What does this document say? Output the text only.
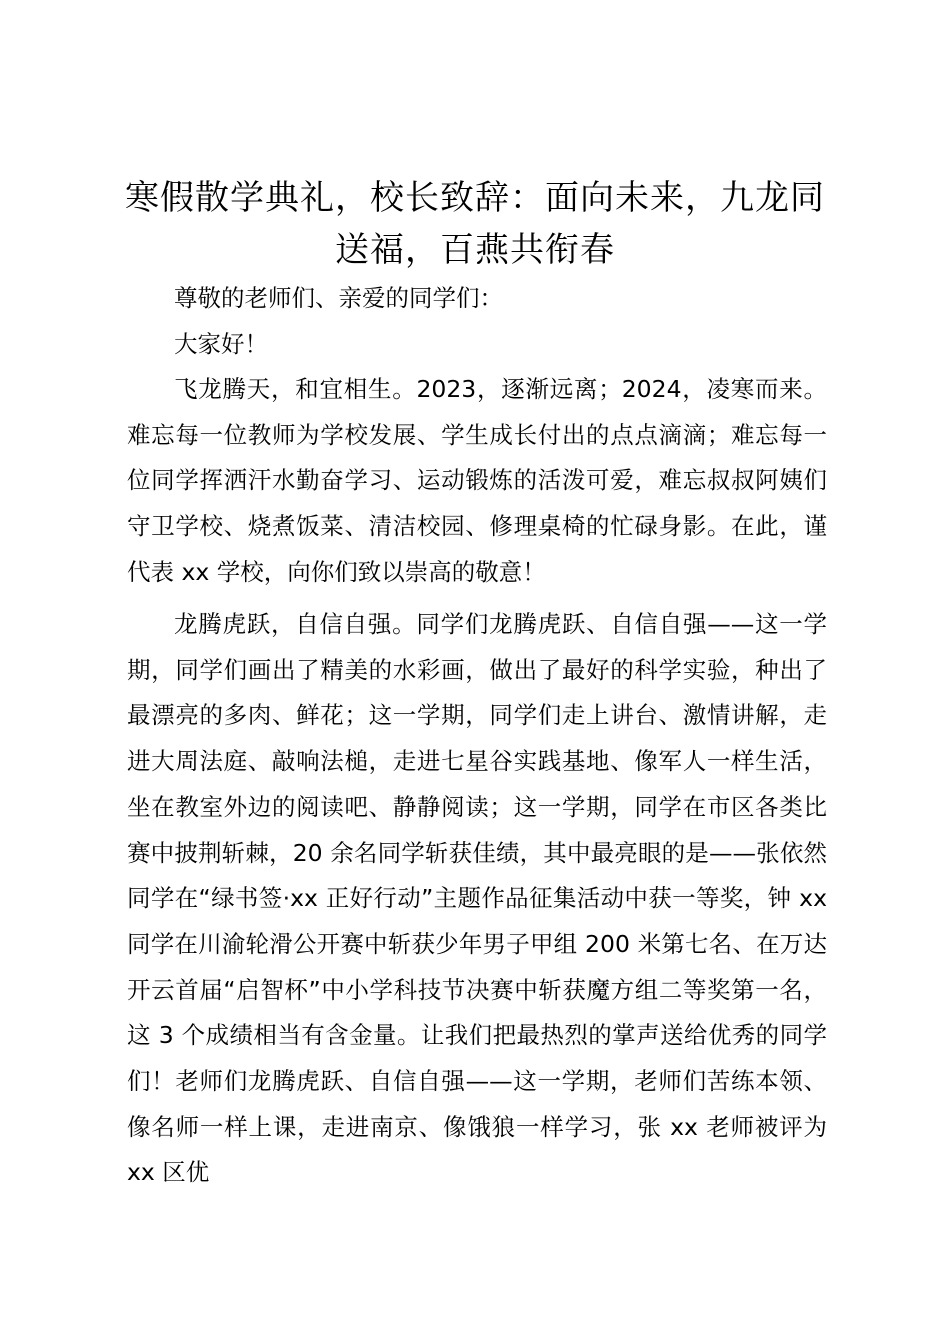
寒假散学典礼，校长致辞：面向未来，九龙同送福，百燕共衔春

尊敬的老师们、亲爱的同学们：

大家好！

飞龙腾天，和宜相生。2023，逐渐远离；2024，凌寒而来。难忘每一位教师为学校发展、学生成长付出的点点滴滴；难忘每一位同学挥洒汗水勤奋学习、运动锻炼的活泼可爱，难忘叔叔阿姨们守卫学校、烧煮饭菜、清洁校园、修理桌椅的忙碌身影。在此，谨代表 xx 学校，向你们致以崇高的敬意！

龙腾虎跃，自信自强。同学们龙腾虎跃、自信自强——这一学期，同学们画出了精美的水彩画，做出了最好的科学实验，种出了最漂亮的多肉、鲜花；这一学期，同学们走上讲台、激情讲解，走进大周法庭、敲响法槌，走进七星谷实践基地、像军人一样生活，坐在教室外边的阅读吧、静静阅读；这一学期，同学在市区各类比赛中披荆斩棘，20 余名同学斩获佳绩，其中最亮眼的是——张依然同学在“绿书签·xx 正好行动”主题作品征集活动中获一等奖，钟 xx 同学在川渝轮滑公开赛中斩获少年男子甲组 200 米第七名、在万达开云首届“启智杯”中小学科技节决赛中斩获魔方组二等奖第一名，这 3 个成绩相当有含金量。让我们把最热烈的掌声送给优秀的同学们！老师们龙腾虎跃、自信自强——这一学期，老师们苦练本领、像名师一样上课，走进南京、像饿狼一样学习，张 xx 老师被评为 xx 区优
